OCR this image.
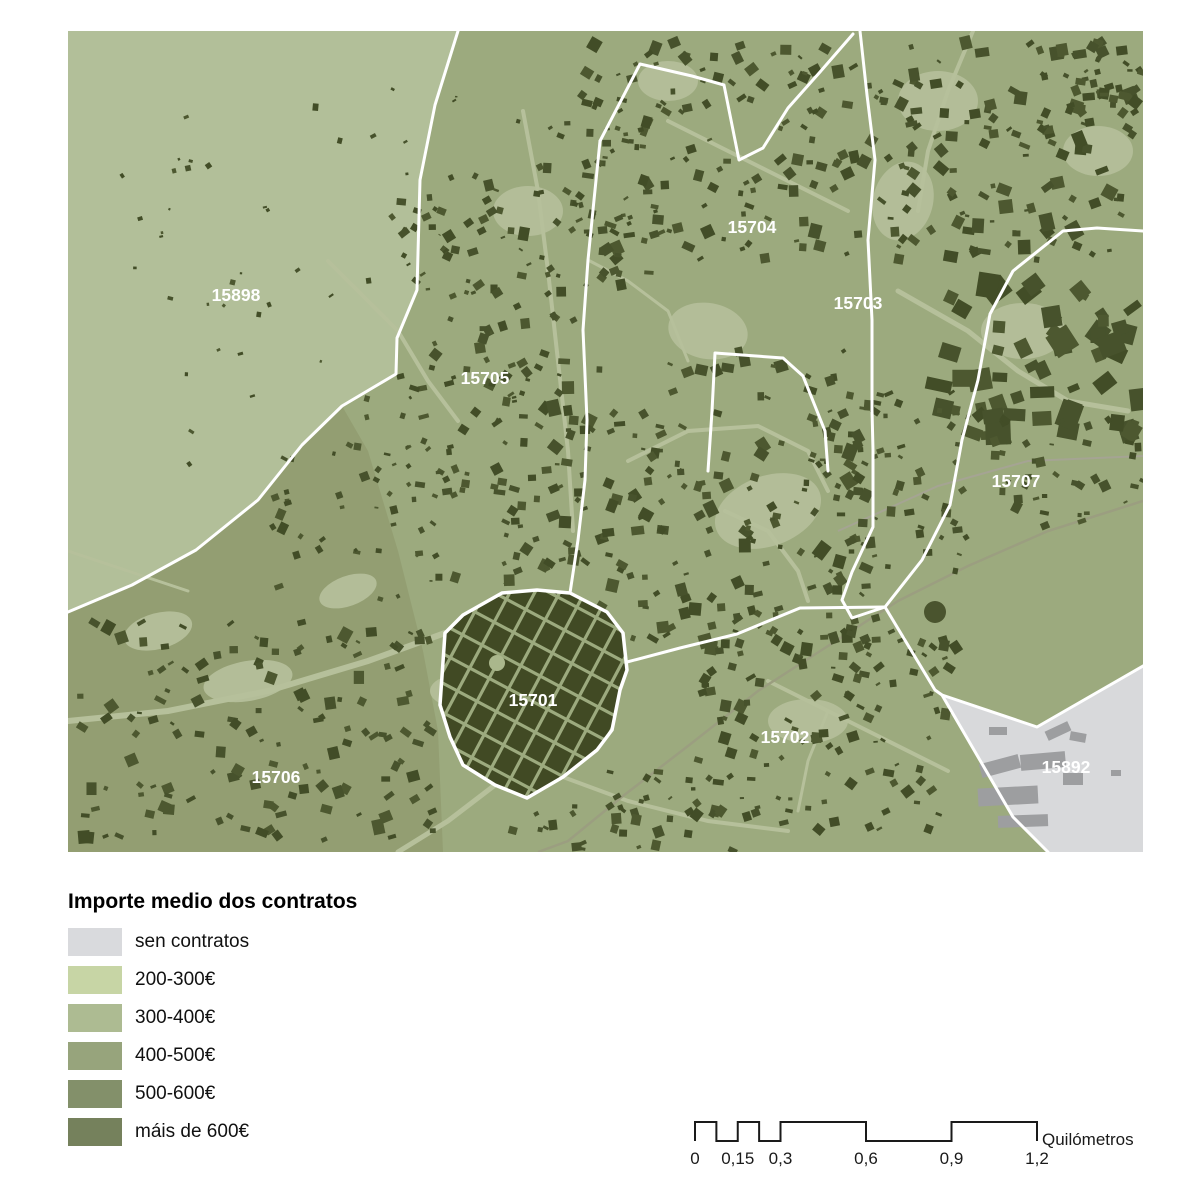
15898
15705
15704
15703
15707
15701
15702
15706	15892
Importe medio dos contratos
sen contratos
200-300€
300-400€
400-500€
500-600€
máis de 600€
0 0,15 0,3	0,6	0,9	1,2
Quilómetros
